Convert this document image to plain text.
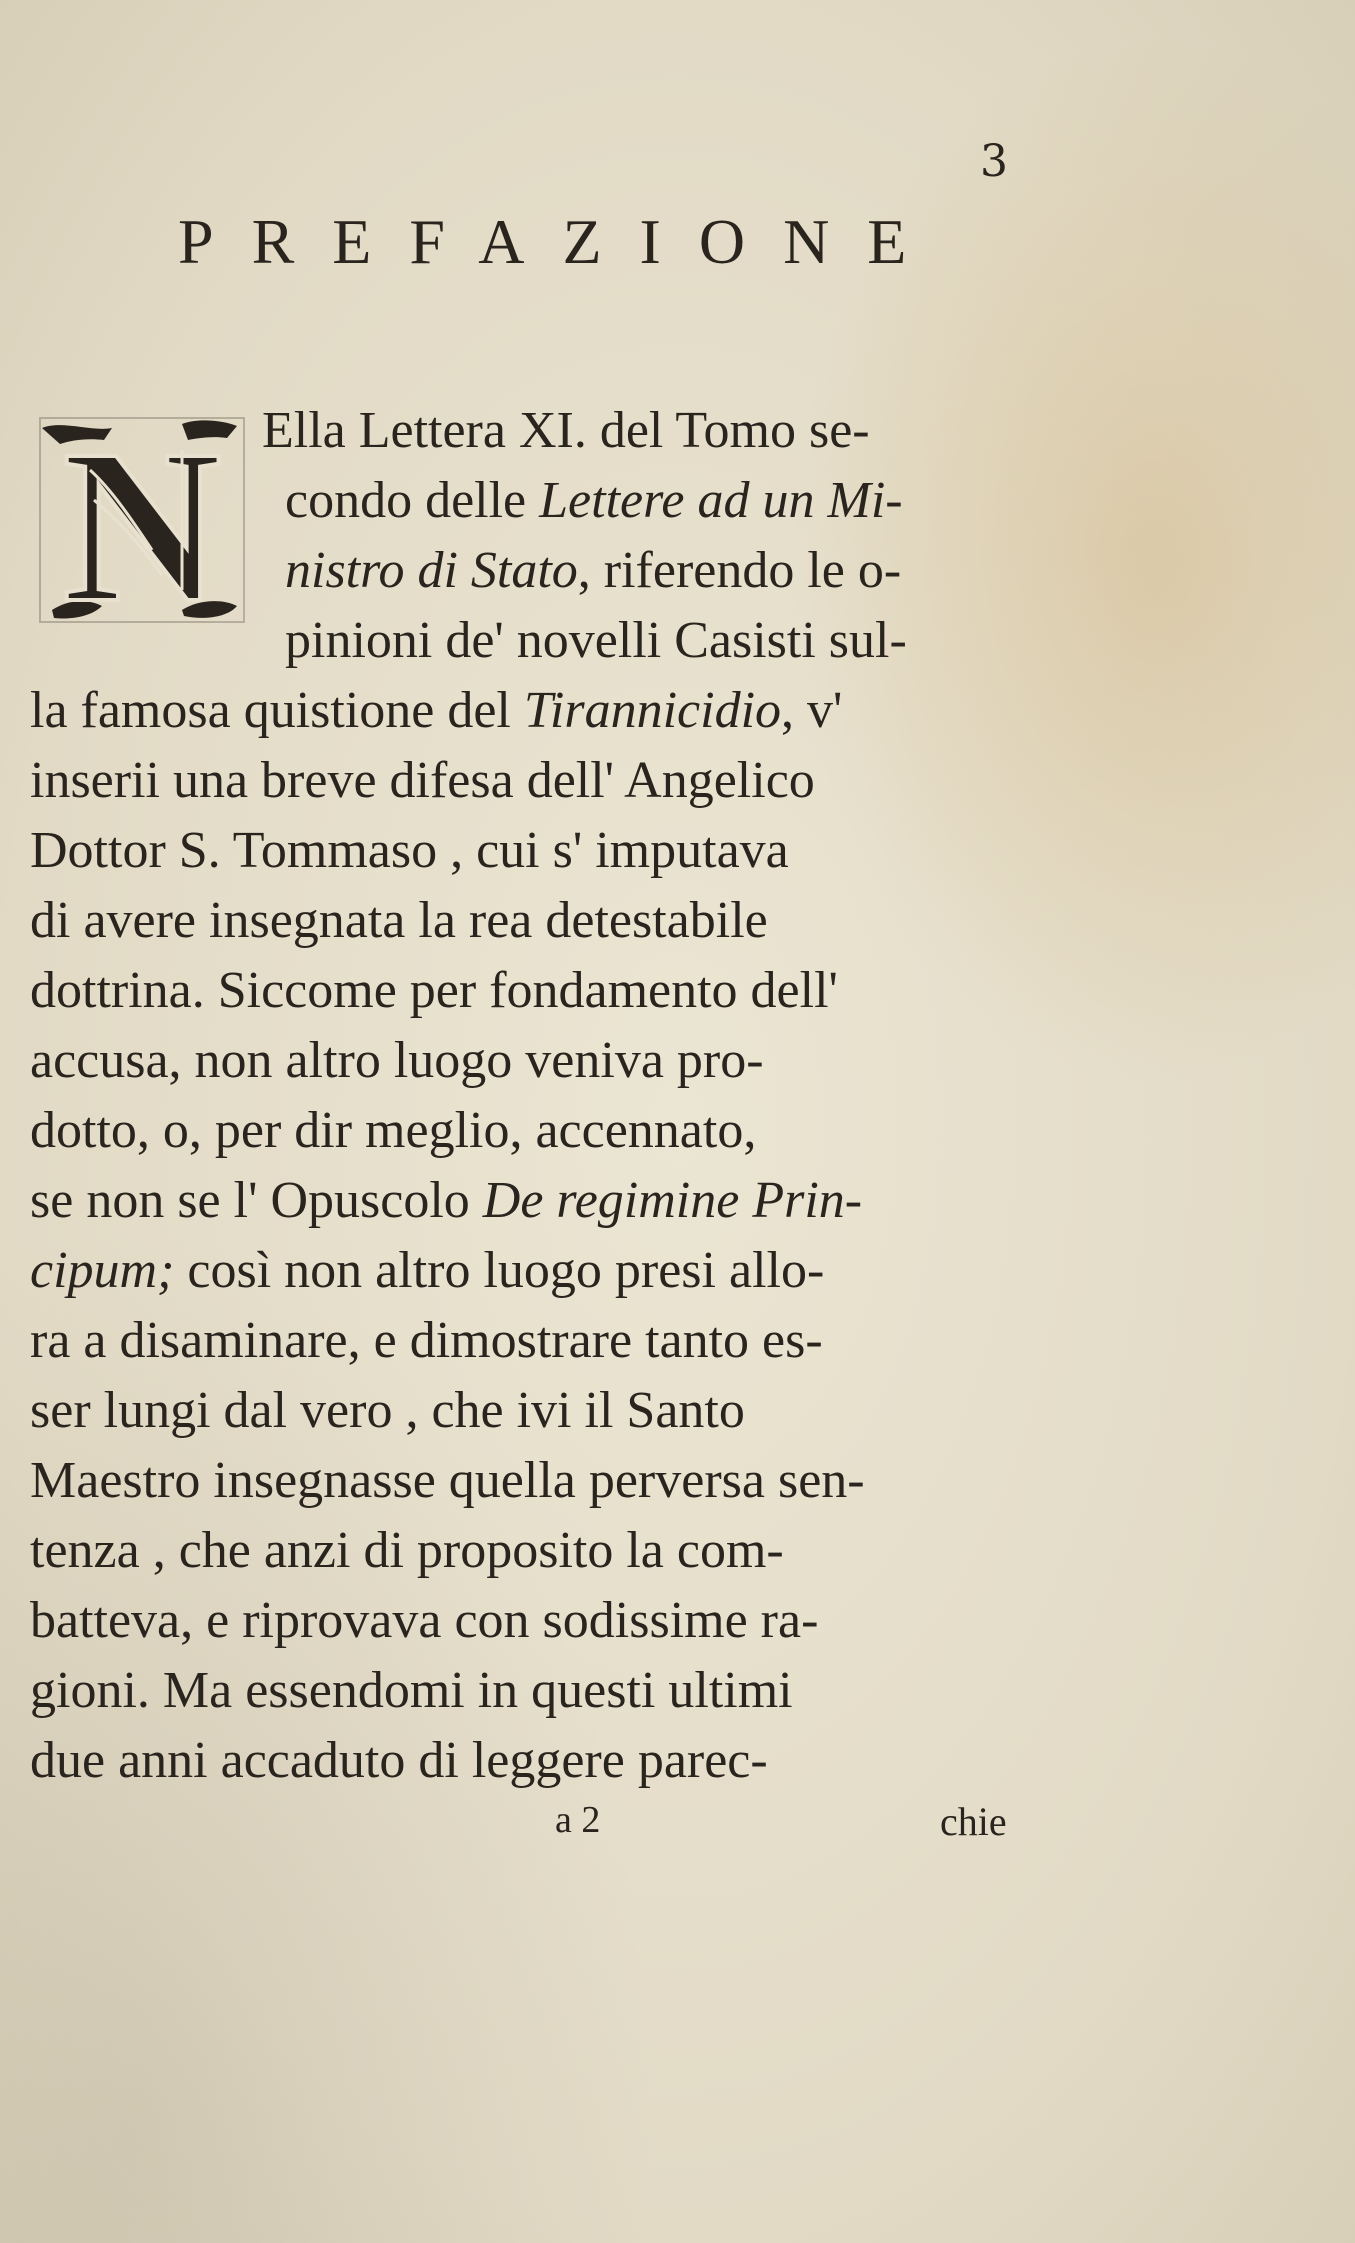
3
PREFAZIONE
N Ella Lettera XI. del Tomo se-
condo delle Lettere ad un Mi-
nistro di Stato, riferendo le o-
pinioni de' novelli Casisti sul-
la famosa quistione del Tirannicidio, v'
inserii una breve difesa dell' Angelico
Dottor S. Tommaso , cui s' imputava
di avere insegnata la rea detestabile
dottrina. Siccome per fondamento dell'
accusa, non altro luogo veniva pro-
dotto, o, per dir meglio, accennato,
se non se l' Opuscolo De regimine Prin-
cipum; così non altro luogo presi allo-
ra a disaminare, e dimostrare tanto es-
ser lungi dal vero , che ivi il Santo
Maestro insegnasse quella perversa sen-
tenza , che anzi di proposito la com-
batteva, e riprovava con sodissime ra-
gioni. Ma essendomi in questi ultimi
due anni accaduto di leggere parec-
a 2	chie
